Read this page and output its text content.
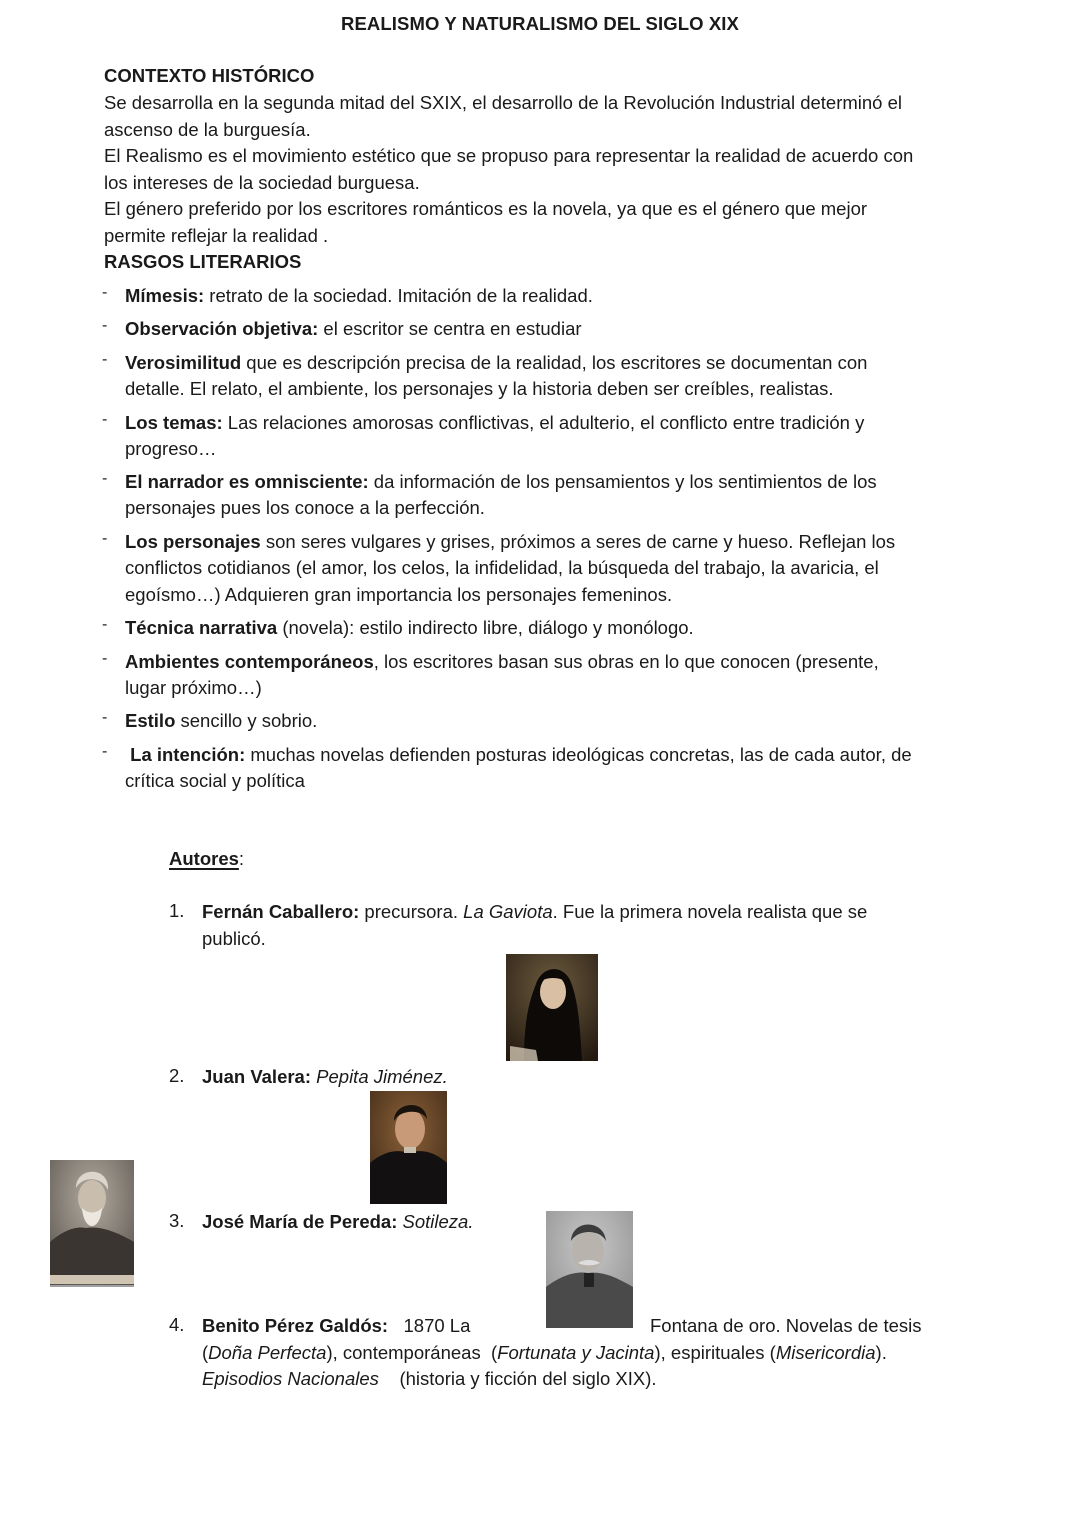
REALISMO Y NATURALISMO DEL SIGLO XIX
CONTEXTO HISTÓRICO
Se desarrolla en la segunda mitad del SXIX, el desarrollo de la Revolución Industrial determinó el
ascenso de la burguesía.
El Realismo es el movimiento estético que se propuso para representar la realidad de acuerdo con
los intereses de la sociedad burguesa.
El género preferido por los escritores románticos es la novela, ya que es el género que mejor
permite reflejar la realidad .
RASGOS LITERARIOS
- Mímesis: retrato de la sociedad. Imitación de la realidad.
- Observación objetiva: el escritor se centra en estudiar
- Verosimilitud que es descripción precisa de la realidad, los escritores se documentan con
detalle. El relato, el ambiente, los personajes y la historia deben ser creíbles, realistas.
- Los temas: Las relaciones amorosas conflictivas, el adulterio, el conflicto entre tradición y
progreso…
- El narrador es omnisciente: da información de los pensamientos y los sentimientos de los
personajes pues los conoce a la perfección.
- Los personajes son seres vulgares y grises, próximos a seres de carne y hueso. Reflejan los
conflictos cotidianos (el amor, los celos, la infidelidad, la búsqueda del trabajo, la avaricia, el
egoísmo…) Adquieren gran importancia los personajes femeninos.
- Técnica narrativa (novela): estilo indirecto libre, diálogo y monólogo.
- Ambientes contemporáneos, los escritores basan sus obras en lo que conocen (presente,
lugar próximo…)
- Estilo sencillo y sobrio.
- La intención: muchas novelas defienden posturas ideológicas concretas, las de cada autor, de
crítica social y política
Autores:
1. Fernán Caballero: precursora. La Gaviota. Fue la primera novela realista que se
publicó.
2. Juan Valera: Pepita Jiménez.
3. José María de Pereda: Sotileza.
4. Benito Pérez Galdós:   1870 La	Fontana de oro. Novelas de tesis
(Doña Perfecta), contemporáneas  (Fortunata y Jacinta), espirituales (Misericordia).
Episodios Nacionales    (historia y ficción del siglo XIX).
